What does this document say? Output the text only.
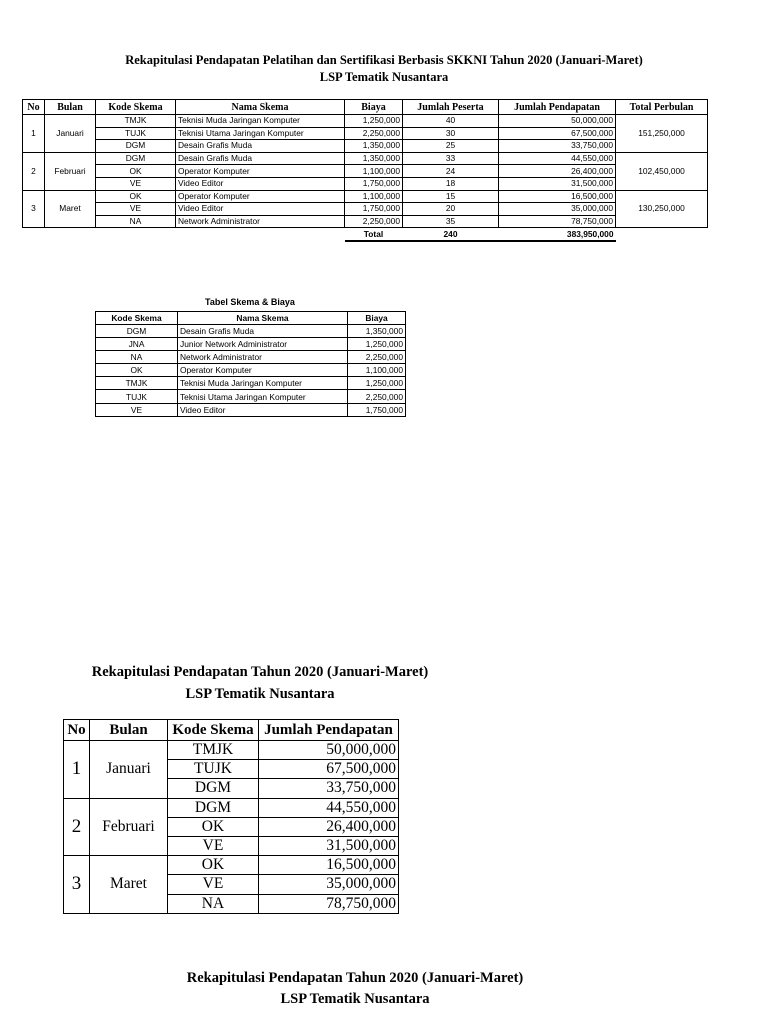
Rekapitulasi Pendapatan Pelatihan dan Sertifikasi Berbasis SKKNI Tahun 2020 (Januari-Maret)
LSP Tematik Nusantara
No	Bulan	Kode Skema	Nama Skema	Biaya	Jumlah Peserta	Jumlah Pendapatan	Total Perbulan
1	Januari	TMJK	Teknisi Muda Jaringan Komputer	1,250,000	40	50,000,000	151,250,000
		TUJK	Teknisi Utama Jaringan Komputer	2,250,000	30	67,500,000	
		DGM	Desain Grafis Muda	1,350,000	25	33,750,000	
2	Februari	DGM	Desain Grafis Muda	1,350,000	33	44,550,000	102,450,000
		OK	Operator Komputer	1,100,000	24	26,400,000	
		VE	Video Editor	1,750,000	18	31,500,000	
3	Maret	OK	Operator Komputer	1,100,000	15	16,500,000	130,250,000
		VE	Video Editor	1,750,000	20	35,000,000	
		NA	Network Administrator	2,250,000	35	78,750,000	
				Total	240	383,950,000	
Tabel Skema & Biaya
Kode Skema	Nama Skema	Biaya
DGM	Desain Grafis Muda	1,350,000
JNA	Junior Network Administrator	1,250,000
NA	Network Administrator	2,250,000
OK	Operator Komputer	1,100,000
TMJK	Teknisi Muda Jaringan Komputer	1,250,000
TUJK	Teknisi Utama Jaringan Komputer	2,250,000
VE	Video Editor	1,750,000
Rekapitulasi Pendapatan Tahun 2020 (Januari-Maret)
LSP Tematik Nusantara
No	Bulan	Kode Skema	Jumlah Pendapatan
1	Januari	TMJK	50,000,000
		TUJK	67,500,000
		DGM	33,750,000
2	Februari	DGM	44,550,000
		OK	26,400,000
		VE	31,500,000
3	Maret	OK	16,500,000
		VE	35,000,000
		NA	78,750,000
Rekapitulasi Pendapatan Tahun 2020 (Januari-Maret)
LSP Tematik Nusantara
